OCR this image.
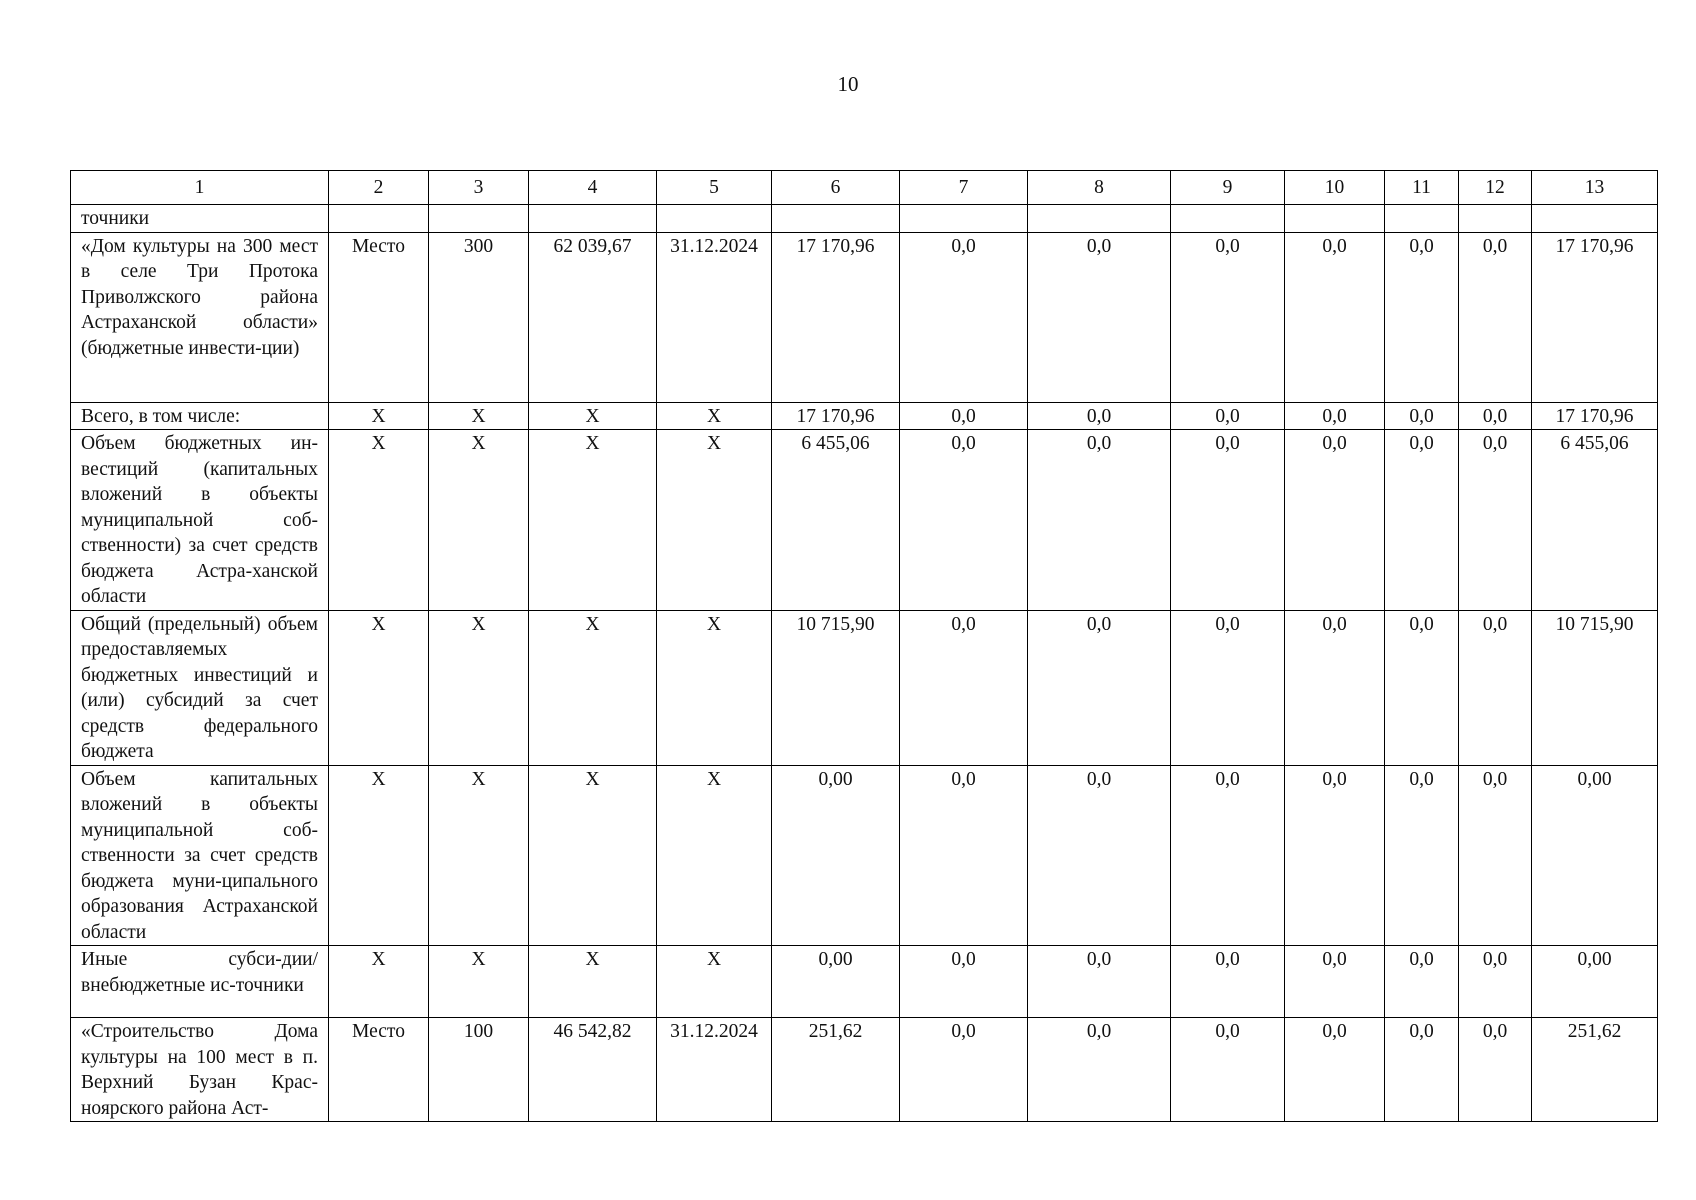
10
1	2	3	4	5	6	7	8	9	10	11	12	13
точники												
«Дом культуры на 300 мест в селе Три Протока Приволжского района Астраханской области» (бюджетные инвести-ции)	Место	300	62 039,67	31.12.2024	17 170,96	0,0	0,0	0,0	0,0	0,0	0,0	17 170,96
Всего, в том числе:	Х	Х	Х	Х	17 170,96	0,0	0,0	0,0	0,0	0,0	0,0	17 170,96
Объем бюджетных ин-вестиций (капитальных вложений в объекты муниципальной соб-ственности) за счет средств бюджета Астра-ханской области	Х	Х	Х	Х	6 455,06	0,0	0,0	0,0	0,0	0,0	0,0	6 455,06
Общий (предельный) объем предоставляемых бюджетных инвестиций и (или) субсидий за счет средств федерального бюджета	Х	Х	Х	Х	10 715,90	0,0	0,0	0,0	0,0	0,0	0,0	10 715,90
Объем капитальных вложений в объекты муниципальной соб-ственности за счет средств бюджета муни-ципального образования Астраханской области	Х	Х	Х	Х	0,00	0,0	0,0	0,0	0,0	0,0	0,0	0,00
Иные субси-дии/внебюджетные ис-точники	Х	Х	Х	Х	0,00	0,0	0,0	0,0	0,0	0,0	0,0	0,00
«Строительство Дома культуры на 100 мест в п. Верхний Бузан Крас-ноярского района Аст-	Место	100	46 542,82	31.12.2024	251,62	0,0	0,0	0,0	0,0	0,0	0,0	251,62
